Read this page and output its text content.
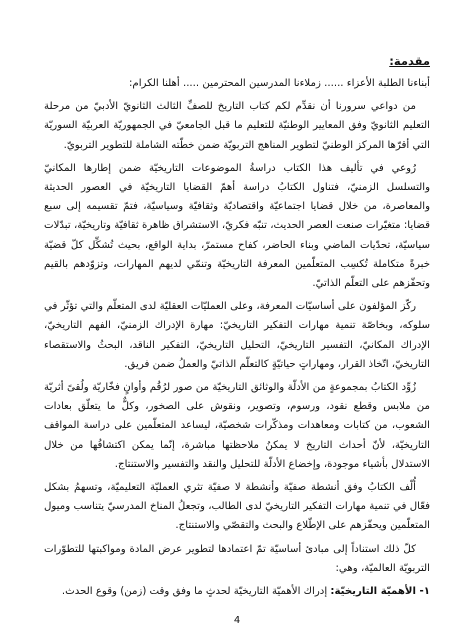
مقدمة:

أبناءنا الطلبة الأعزاء ...... زملاءنا المدرسين المحترمين ..... أهلنا الكرام:

من دواعي سرورنا أن نقدِّم لكم كتاب التاريخ للصفِّ الثالث الثانويّ الأدبيّ من مرحلة التعليم الثانويّ وفق المعايير الوطنيّة للتعليم ما قبل الجامعيّ في الجمهوريّة العربيّة السوريّة التي أقرّها المركز الوطنيّ لتطوير المناهج التربويّة ضمن خطّته الشاملة للتطوير التربويّ.

رُوعي في تأليف هذا الكتاب دراسةُ الموضوعات التاريخيّة ضمن إطارها المكانيّ والتسلسل الزمنيّ، فتناول الكتابُ دراسة أهمّ القضايا التاريخيّة في العصور الحديثة والمعاصرة، من خلال قضايا اجتماعيّة واقتصاديّة وثقافيّة وسياسيّة، فتمّ تقسيمه إلى سبع قضايا: متغيّرات صنعت العصر الحديث، تنبّه فكريّ، الاستشراق ظاهرة ثقافيّة وتاريخيّة، تبدّلات سياسيّة، تحدّيات الماضي وبناء الحاضر، كفاح مستمرّ، بداية الواقع، بحيث تُشكِّل كلّ قضيّة خبرةً متكاملة تُكسِب المتعلّمين المعرفة التاريخيّة وتنمّي لديهم المهارات، وتزوّدهم بالقيم وتحفّزهم على التعلّم الذاتيّ.

ركّز المؤلفون على أساسيّات المعرفة، وعلى العمليّات العقليّة لدى المتعلّم والتي تؤثّر في سلوكه، وبخاصّة تنمية مهارات التفكير التاريخيّ: مهارة الإدراك الزمنيّ، الفهم التاريخيّ، الإدراك المكانيّ، التفسير التاريخيّ، التحليل التاريخيّ، التفكير الناقد، البحثُ والاستقصاء التاريخيّ، اتّخاذ القرار، ومهاراتٍ حياتيّةٍ كالتعلّم الذاتيّ والعملُ ضمن فريق.

زُوِّد الكتابُ بمجموعةٍ من الأدلّة والوثائق التاريخيّة من صور لرُقُم وأوانٍ فخّاريّة ولُقىً أثريّة من ملابس وقطع نقود، ورسوم، وتصوير، ونقوش على الصخور، وكلٌّ ما يتعلّق بعادات الشعوب، من كتابات ومعاهدات ومذكّرات شخصيّة، ليساعد المتعلّمين على دراسة المواقف التاريخيّة، لأنّ أحداث التاريخ لا يمكنُ ملاحظتها مباشرة، إنّما يمكن اكتشافُها من خلال الاستدلال بأشياء موجودة، وإخضاع الأدلّة للتحليل والنقد والتفسير والاستنتاج.

أُلّف الكتابُ وفق أنشطة صفيّة وأنشطة لا صفيّة تثري العمليّة التعليميّة، وتسهمُ بشكل فعّال في تنمية مهارات التفكير التاريخيّ لدى الطالب، وتجعلُ المناخ المدرسيّ يتناسب وميول المتعلّمين ويحفّزهم على الإطّلاع والبحث والتقصّي والاستنتاج.

كلّ ذلك استناداً إلى مبادئ أساسيّة تمّ اعتمادها لتطوير عرض المادة ومواكبتها للتطوّرات التربويّة العالميّة، وهي:

١- الأهميّة التاريخيّة: إدراك الأهميّة التاريخيّة لحدثٍ ما وفق وقت (زمن) وقوع الحدث.

4
